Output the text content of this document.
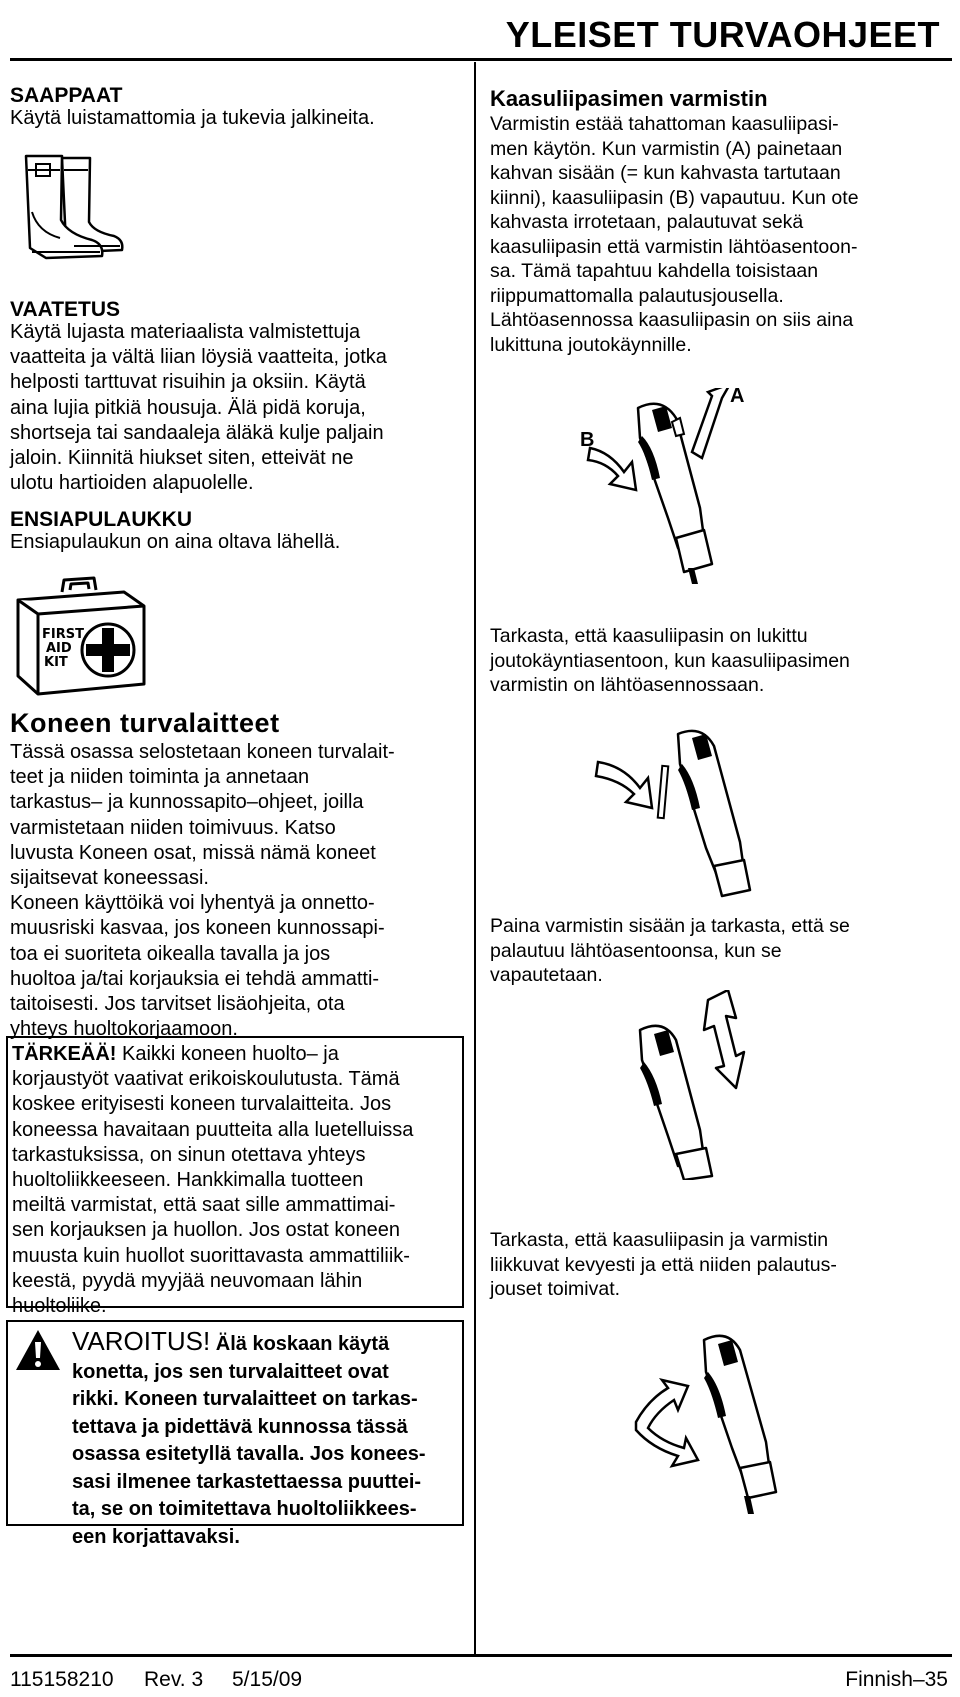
YLEISET TURVAOHJEET
SAAPPAAT
Käytä luistamattomia ja tukevia jalkineita.
VAATETUS
Käytä lujasta materiaalista valmistettuja
vaatteita ja vältä liian löysiä vaatteita, jotka
helposti tarttuvat risuihin ja oksiin. Käytä
aina lujia pitkiä housuja. Älä pidä koruja,
shortseja tai sandaaleja äläkä kulje paljain
jaloin. Kiinnitä hiukset siten, etteivät ne
ulotu hartioiden alapuolelle.
ENSIAPULAUKKU
Ensiapulaukun on aina oltava lähellä.
FIRST
AID
KIT
Koneen turvalaitteet
Tässä osassa selostetaan koneen turvalait-
teet ja niiden toiminta ja annetaan
tarkastus– ja kunnossapito–ohjeet, joilla
varmistetaan niiden toimivuus. Katso
luvusta Koneen osat, missä nämä koneet
sijaitsevat koneessasi.
Koneen käyttöikä voi lyhentyä ja onnetto-
muusriski kasvaa, jos koneen kunnossapi-
toa ei suoriteta oikealla tavalla ja jos
huoltoa ja/tai korjauksia ei tehdä ammatti-
taitoisesti. Jos tarvitset lisäohjeita, ota
yhteys huoltokorjaamoon.
TÄRKEÄÄ! Kaikki koneen huolto– ja
korjaustyöt vaativat erikoiskoulutusta. Tämä
koskee erityisesti koneen turvalaitteita. Jos
koneessa havaitaan puutteita alla luetelluissa
tarkastuksissa, on sinun otettava yhteys
huoltoliikkeeseen. Hankkimalla tuotteen
meiltä varmistat, että saat sille ammattimai-
sen korjauksen ja huollon. Jos ostat koneen
muusta kuin huollot suorittavasta ammattiliik-
keestä, pyydä myyjää neuvomaan lähin
huoltoliike.
VAROITUS! Älä koskaan käytä
konetta, jos sen turvalaitteet ovat
rikki. Koneen turvalaitteet on tarkas-
tettava ja pidettävä kunnossa tässä
osassa esitetyllä tavalla. Jos konees-
sasi ilmenee tarkastettaessa puuttei-
ta, se on toimitettava huoltoliikkees-
een korjattavaksi.
Kaasuliipasimen varmistin
Varmistin estää tahattoman kaasuliipasi-
men käytön. Kun varmistin (A) painetaan
kahvan sisään (= kun kahvasta tartutaan
kiinni), kaasuliipasin (B) vapautuu. Kun ote
kahvasta irrotetaan, palautuvat sekä
kaasuliipasin että varmistin lähtöasentoon-
sa. Tämä tapahtuu kahdella toisistaan
riippumattomalla palautusjousella.
Lähtöasennossa kaasuliipasin on siis aina
lukittuna joutokäynnille.
A
B
Tarkasta, että kaasuliipasin on lukittu
joutokäyntiasentoon, kun kaasuliipasimen
varmistin on lähtöasennossaan.
Paina varmistin sisään ja tarkasta, että se
palautuu lähtöasentoonsa, kun se
vapautetaan.
Tarkasta, että kaasuliipasin ja varmistin
liikkuvat kevyesti ja että niiden palautus-
jouset toimivat.
115158210 Rev. 3 5/15/09	Finnish–35
